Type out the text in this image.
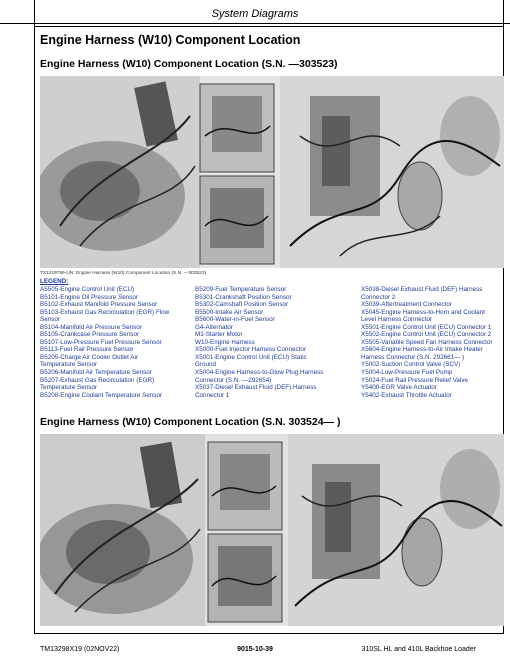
System Diagrams
Engine Harness (W10) Component Location
Engine Harness (W10) Component Location (S.N. —303523)
TX1219756-UN: Engine Harness (W10) Component Location (S.N. —303523)
LEGEND:
A5505-Engine Control Unit (ECU)
B5101-Engine Oil Pressure Sensor
B5102-Exhaust Manifold Pressure Sensor
B5103-Exhaust Gas Recirculation (EGR) Flow
Sensor
B5104-Manifold Air Pressure Sensor
B5105-Crankcase Pressure Sensor
B5107-Low-Pressure Fuel Pressure Sensor
B5113-Fuel Rail Pressure Sensor
B5205-Charge Air Cooler Outlet Air
Temperature Sensor
B5206-Manifold Air Temperature Sensor
B5207-Exhaust Gas Recirculation (EGR)
Temperature Sensor
B5208-Engine Coolant Temperature Sensor
B5209-Fuel Temperature Sensor
B5301-Crankshaft Position Sensor
B5302-Camshaft Position Sensor
B5500-Intake Air Sensor
B5600-Water-in-Fuel Sensor
G4-Alternator
M1-Starter Motor
W10-Engine Harness
X5000-Fuel Injector Harness Connector
X5001-Engine Control Unit (ECU) Static
Ground
X5004-Engine Harness-to-Glow Plug Harness
Connector (S.N. —292654)
X5037-Diesel Exhaust Fluid (DEF) Harness
Connector 1
X5038-Diesel Exhaust Fluid (DEF) Harness
Connector 2
X5039-Aftertreatment Connector
X5045-Engine Harness-to-Horn and Coolant
Level Harness Connector
X5501-Engine Control Unit (ECU) Connector 1
X5502-Engine Control Unit (ECU) Connector 2
X5505-Variable Speed Fan Harness Connector
X5604-Engine Harness-to-Air Intake Heater
Harness Connector (S.N. 292661— )
Y5002-Suction Control Valve (SCV)
Y5004-Low-Pressure Fuel Pump
Y5024-Fuel Rail Pressure Relief Valve
Y5400-EGR Valve Actuator
Y5402-Exhaust Throttle Actuator
Engine Harness (W10) Component Location (S.N. 303524— )
TM13298X19 (02NOV22)	9015-10-39	310SL HL and 410L Backhoe Loader
